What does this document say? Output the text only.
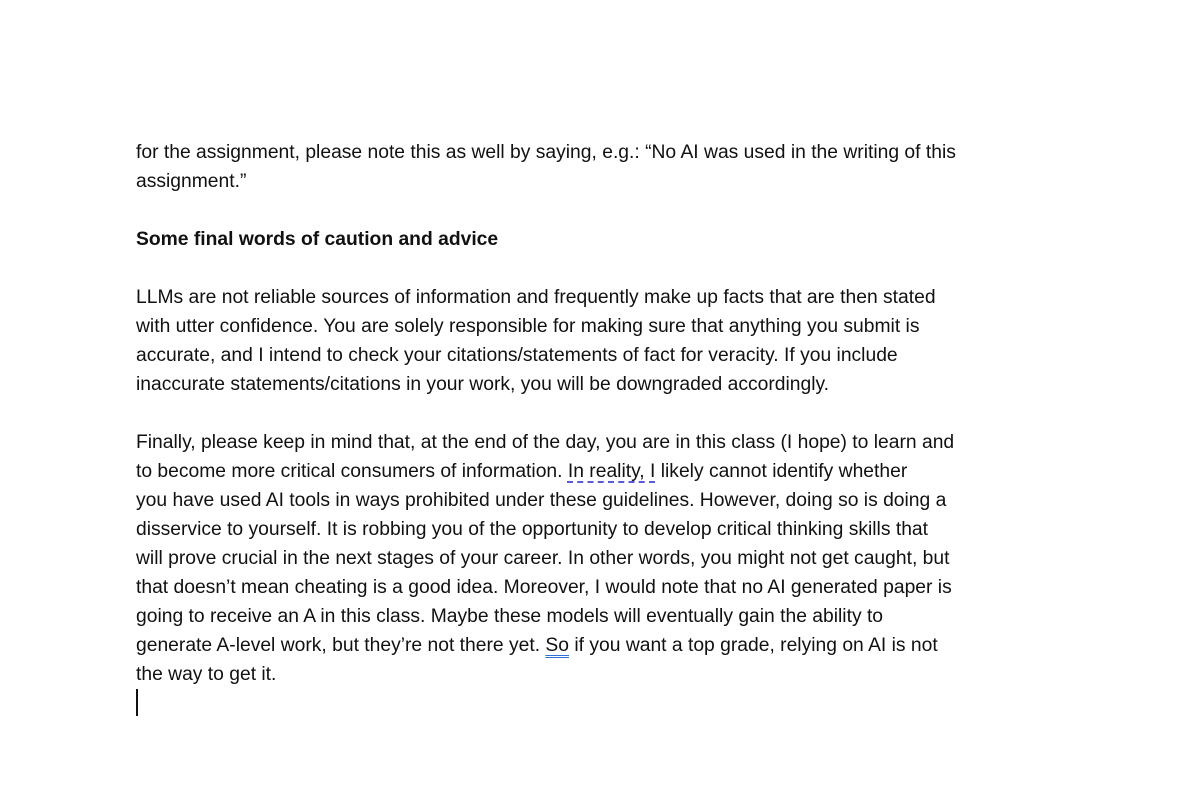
for the assignment, please note this as well by saying, e.g.: “No AI was used in the writing of this
assignment.”
Some final words of caution and advice
LLMs are not reliable sources of information and frequently make up facts that are then stated
with utter confidence. You are solely responsible for making sure that anything you submit is
accurate, and I intend to check your citations/statements of fact for veracity. If you include
inaccurate statements/citations in your work, you will be downgraded accordingly.
Finally, please keep in mind that, at the end of the day, you are in this class (I hope) to learn and
to become more critical consumers of information. In reality, I likely cannot identify whether
you have used AI tools in ways prohibited under these guidelines. However, doing so is doing a
disservice to yourself. It is robbing you of the opportunity to develop critical thinking skills that
will prove crucial in the next stages of your career. In other words, you might not get caught, but
that doesn’t mean cheating is a good idea. Moreover, I would note that no AI generated paper is
going to receive an A in this class. Maybe these models will eventually gain the ability to
generate A-level work, but they’re not there yet. So if you want a top grade, relying on AI is not
the way to get it.
